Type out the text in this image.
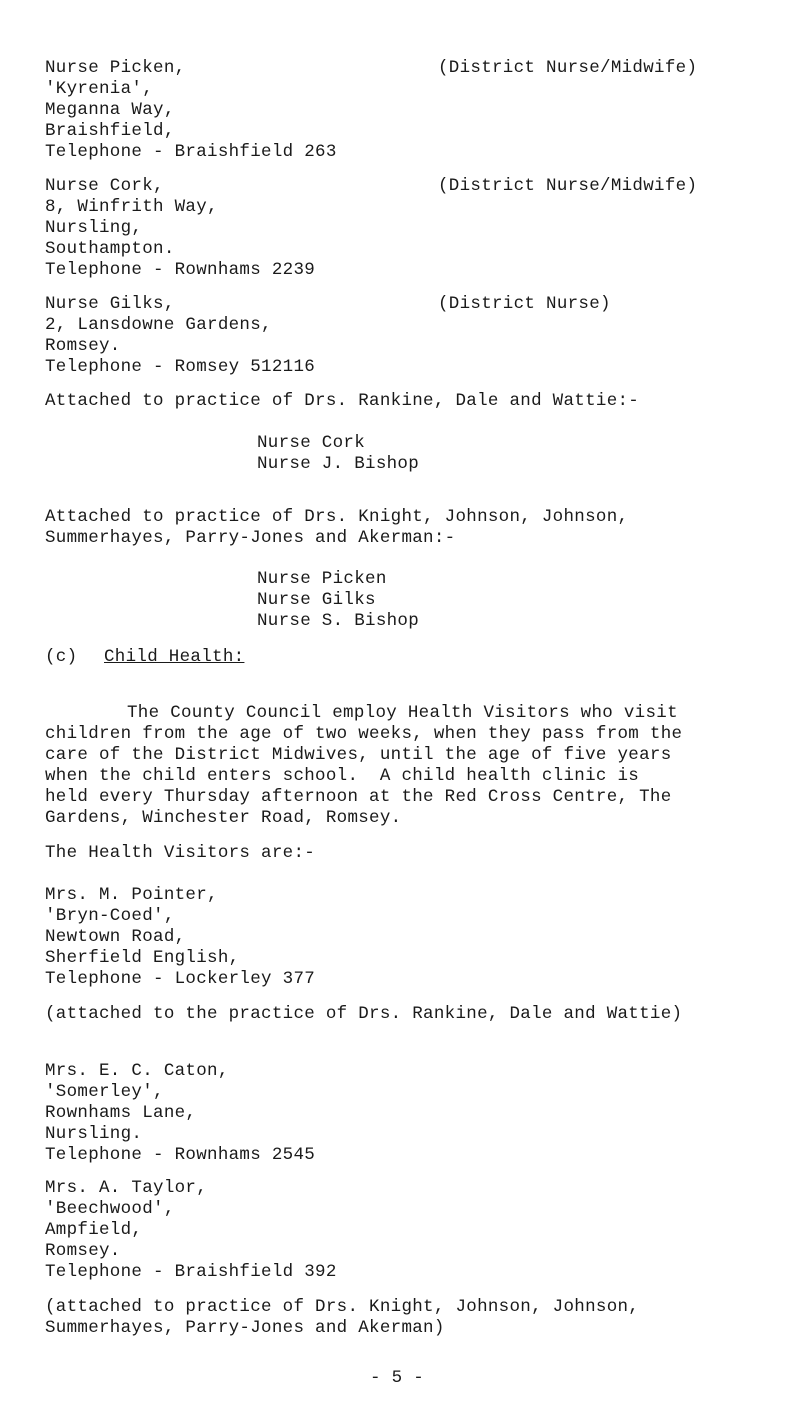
Nurse Picken,
'Kyrenia',
Meganna Way,
Braishfield,
Telephone - Braishfield 263
(District Nurse/Midwife)
Nurse Cork,
8, Winfrith Way,
Nursling,
Southampton.
Telephone - Rownhams 2239
(District Nurse/Midwife)
Nurse Gilks,
2, Lansdowne Gardens,
Romsey.
Telephone - Romsey 512116
(District Nurse)
Attached to practice of Drs. Rankine, Dale and Wattie:-
Nurse Cork
Nurse J. Bishop
Attached to practice of Drs. Knight, Johnson, Johnson,
Summerhayes, Parry-Jones and Akerman:-
Nurse Picken
Nurse Gilks
Nurse S. Bishop
(c) Child Health:
The County Council employ Health Visitors who visit
children from the age of two weeks, when they pass from the
care of the District Midwives, until the age of five years
when the child enters school.  A child health clinic is
held every Thursday afternoon at the Red Cross Centre, The
Gardens, Winchester Road, Romsey.
The Health Visitors are:-
Mrs. M. Pointer,
'Bryn-Coed',
Newtown Road,
Sherfield English,
Telephone - Lockerley 377
(attached to the practice of Drs. Rankine, Dale and Wattie)
Mrs. E. C. Caton,
'Somerley',
Rownhams Lane,
Nursling.
Telephone - Rownhams 2545
Mrs. A. Taylor,
'Beechwood',
Ampfield,
Romsey.
Telephone - Braishfield 392
(attached to practice of Drs. Knight, Johnson, Johnson,
Summerhayes, Parry-Jones and Akerman)
- 5 -
